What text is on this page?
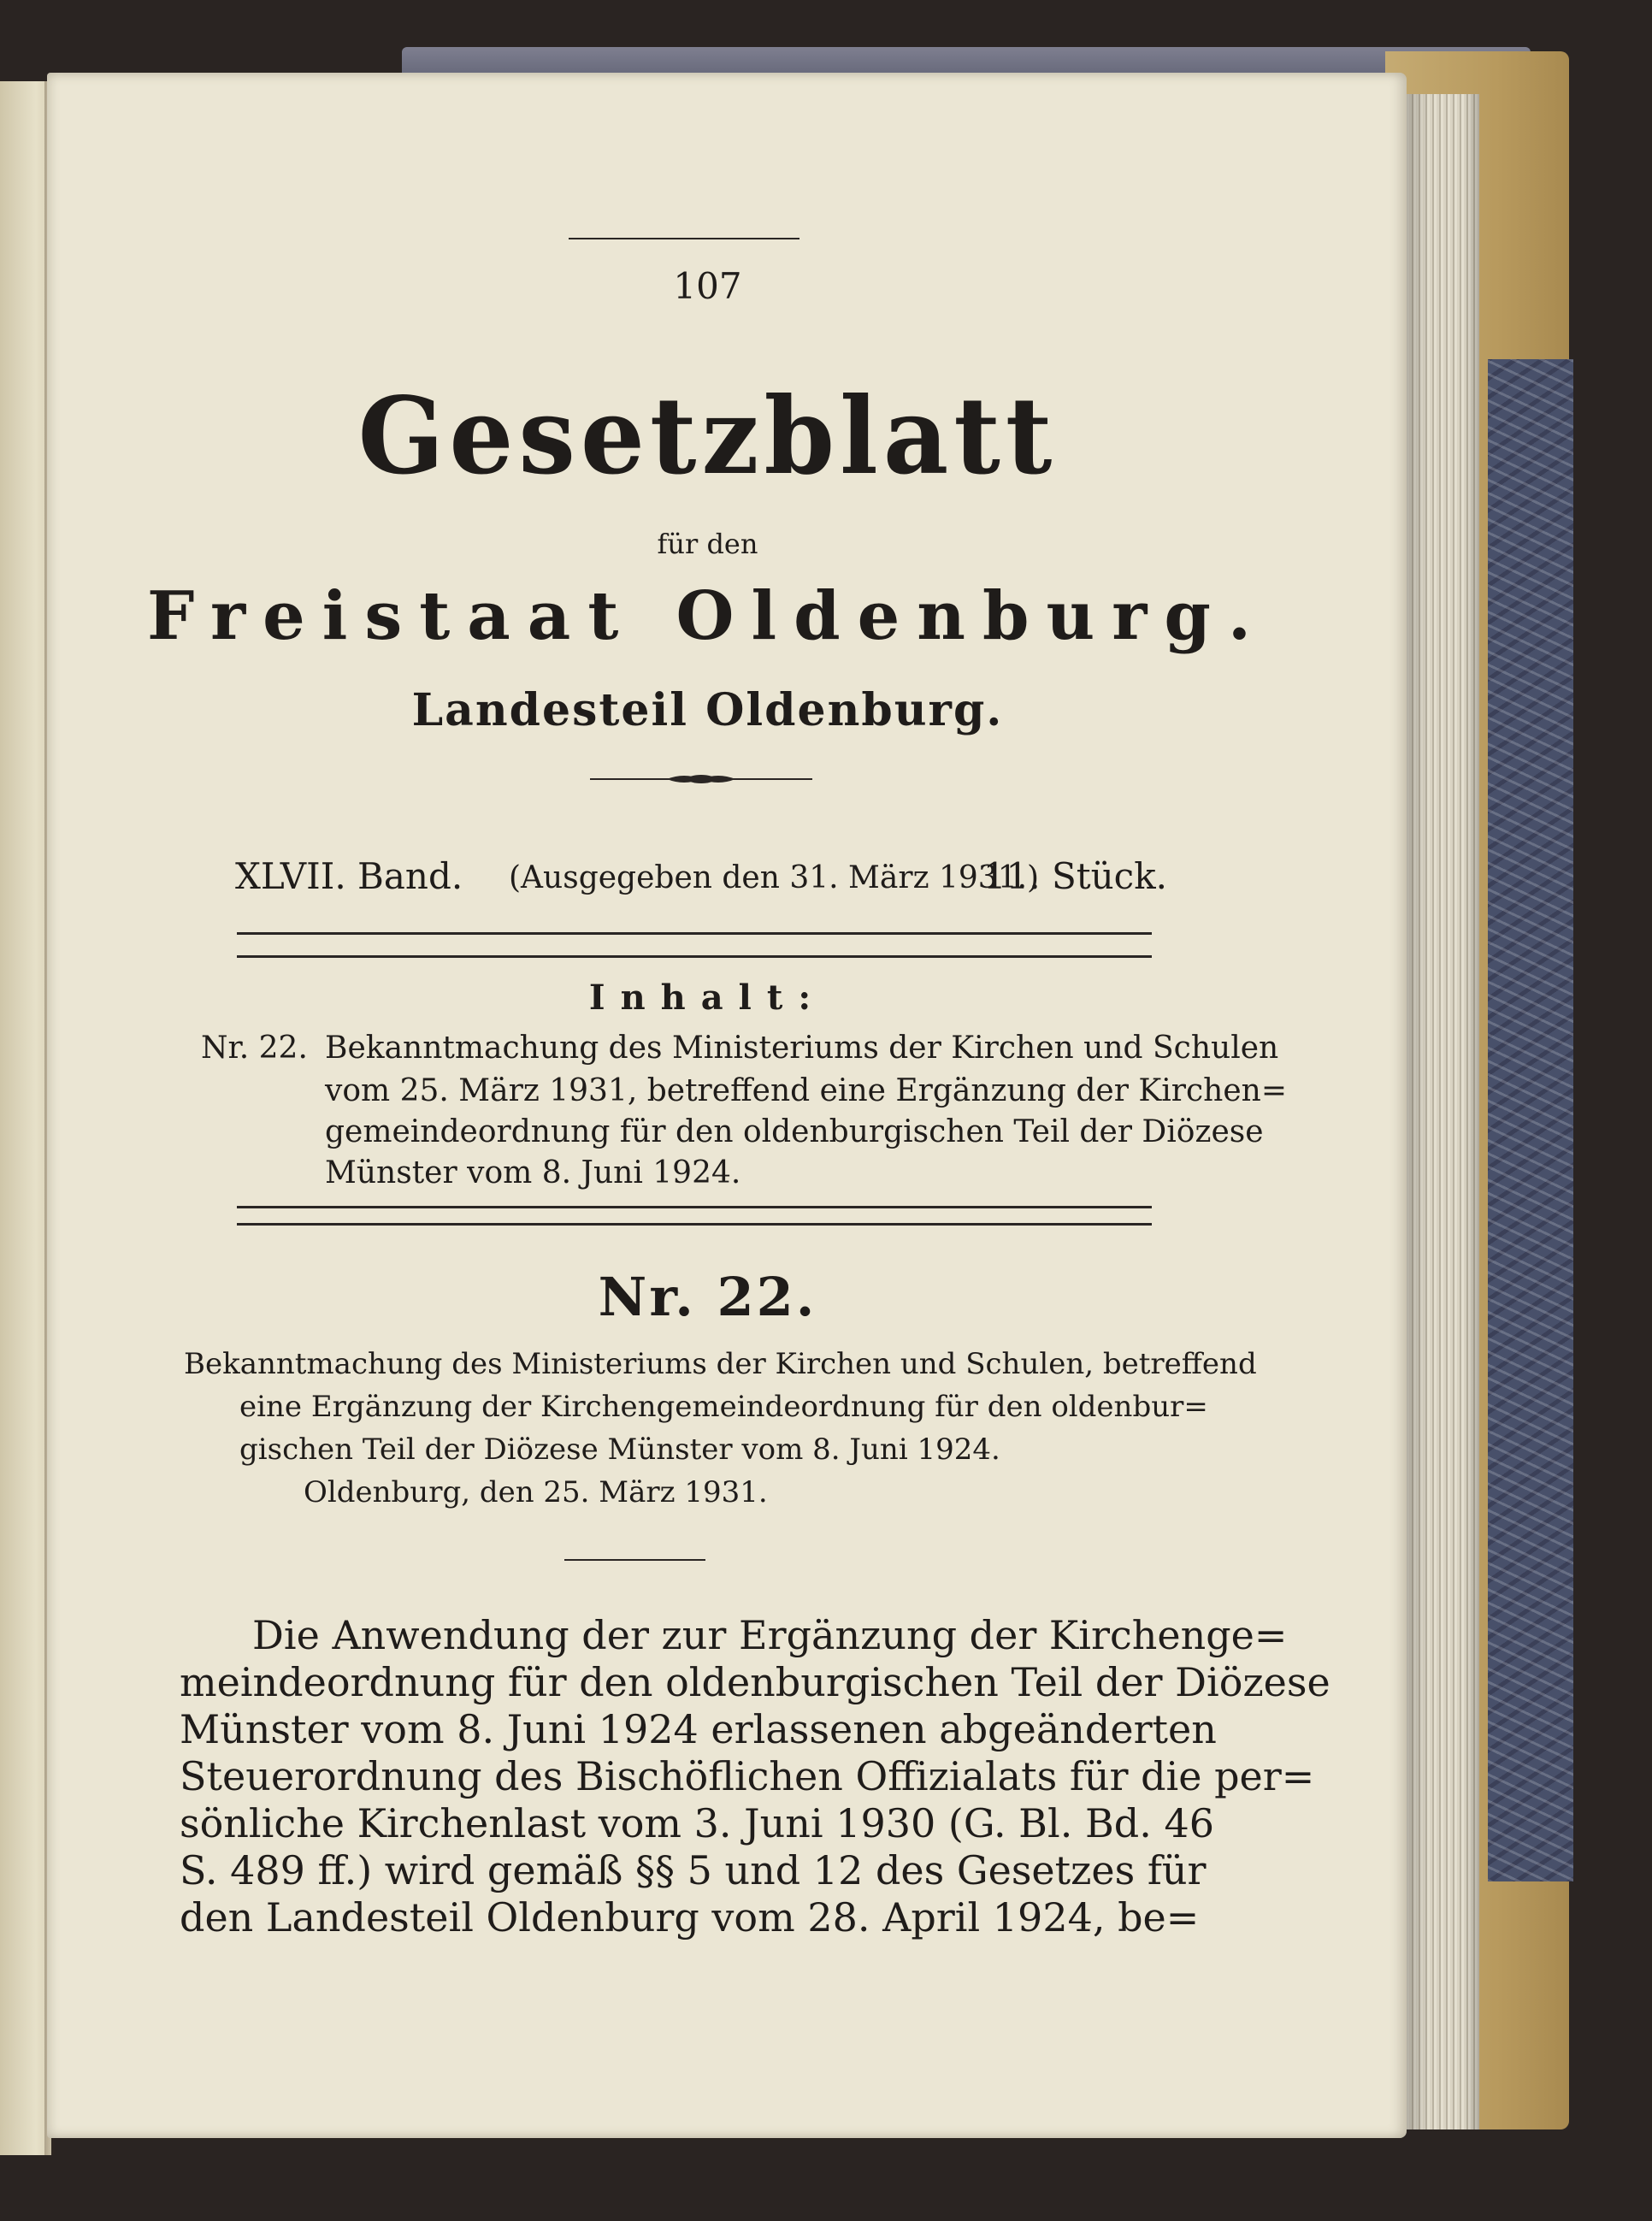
107
Gesetzblatt
für den
Freistaat Oldenburg.
Landesteil Oldenburg.
XLVII. Band. (Ausgegeben den 31. März 1931.)
11. Stück.
Inhalt:
Nr. 22. Bekanntmachung des Ministeriums der Kirchen und Schulen
vom 25. März 1931, betreffend eine Ergänzung der Kirchen=
gemeindeordnung für den oldenburgischen Teil der Diözese
Münster vom 8. Juni 1924.
Nr. 22.
Bekanntmachung des Ministeriums der Kirchen und Schulen, betreffend
eine Ergänzung der Kirchengemeindeordnung für den oldenbur=
gischen Teil der Diözese Münster vom 8. Juni 1924.
Oldenburg, den 25. März 1931.
Die Anwendung der zur Ergänzung der Kirchenge=
meindeordnung für den oldenburgischen Teil der Diözese
Münster vom 8. Juni 1924 erlassenen abgeänderten
Steuerordnung des Bischöflichen Offizialats für die per=
sönliche Kirchenlast vom 3. Juni 1930 (G. Bl. Bd. 46
S. 489 ff.) wird gemäß §§ 5 und 12 des Gesetzes für
den Landesteil Oldenburg vom 28. April 1924, be=
